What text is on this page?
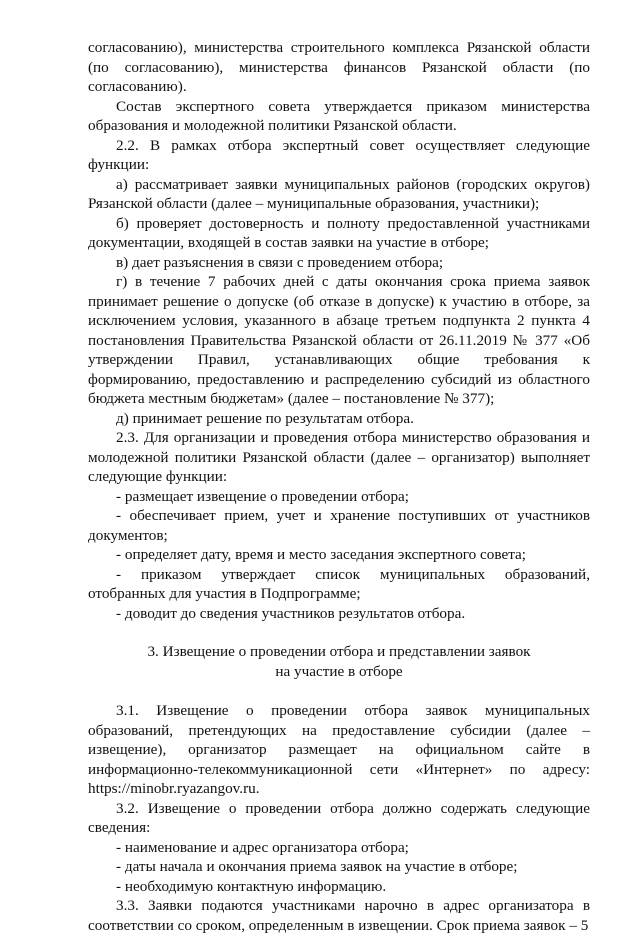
согласованию), министерства строительного комплекса Рязанской области (по согласованию), министерства финансов Рязанской области (по согласованию).

Состав экспертного совета утверждается приказом министерства образования и молодежной политики Рязанской области.

2.2. В рамках отбора экспертный совет осуществляет следующие функции:

а) рассматривает заявки муниципальных районов (городских округов) Рязанской области (далее – муниципальные образования, участники);

б) проверяет достоверность и полноту предоставленной участниками документации, входящей в состав заявки на участие в отборе;

в) дает разъяснения в связи с проведением отбора;

г) в течение 7 рабочих дней с даты окончания срока приема заявок принимает решение о допуске (об отказе в допуске) к участию в отборе, за исключением условия, указанного в абзаце третьем подпункта 2 пункта 4 постановления Правительства Рязанской области от 26.11.2019 № 377 «Об утверждении Правил, устанавливающих общие требования к формированию, предоставлению и распределению субсидий из областного бюджета местным бюджетам» (далее – постановление № 377);

д) принимает решение по результатам отбора.

2.3. Для организации и проведения отбора министерство образования и молодежной политики Рязанской области (далее – организатор) выполняет следующие функции:

- размещает извещение о проведении отбора;

- обеспечивает прием, учет и хранение поступивших от участников документов;

- определяет дату, время и место заседания экспертного совета;

- приказом утверждает список муниципальных образований, отобранных для участия в Подпрограмме;

- доводит до сведения участников результатов отбора.

3. Извещение о проведении отбора и представлении заявок

на участие в отборе

3.1. Извещение о проведении отбора заявок муниципальных образований, претендующих на предоставление субсидии (далее – извещение), организатор размещает на официальном сайте в информационно-телекоммуникационной сети «Интернет» по адресу: https://minobr.ryazangov.ru.

3.2. Извещение о проведении отбора должно содержать следующие сведения:

- наименование и адрес организатора отбора;

- даты начала и окончания приема заявок на участие в отборе;

- необходимую контактную информацию.

3.3. Заявки подаются участниками нарочно в адрес организатора в соответствии со сроком, определенным в извещении. Срок приема заявок – 5
